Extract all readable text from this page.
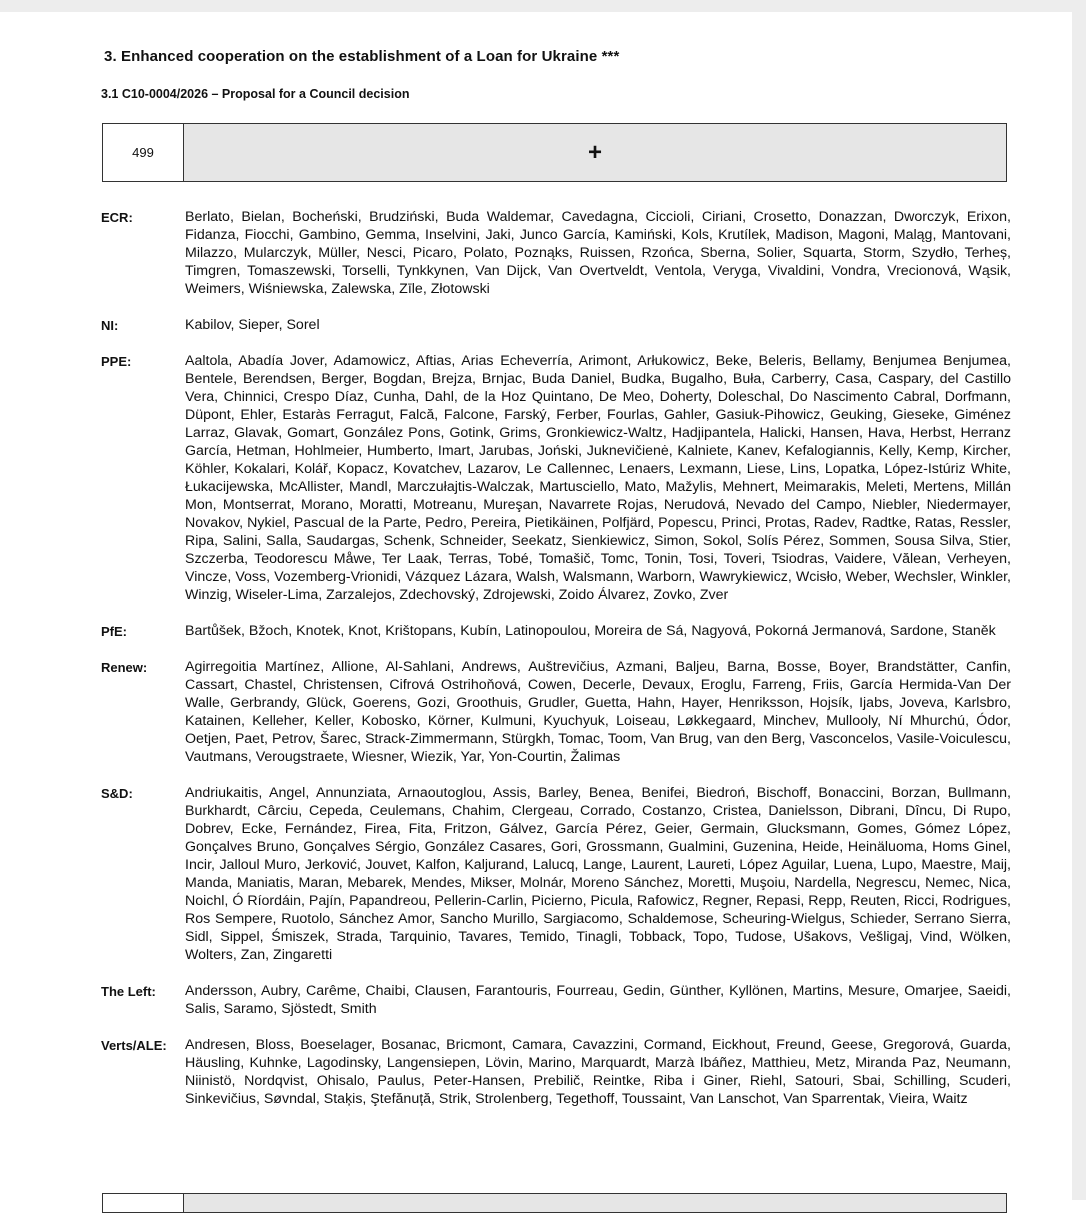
3. Enhanced cooperation on the establishment of a Loan for Ukraine ***
3.1 C10-0004/2026 – Proposal for a Council decision
499	+
ECR:	Berlato, Bielan, Bocheński, Brudziński, Buda Waldemar, Cavedagna, Ciccioli, Ciriani, Crosetto, Donazzan, Dworczyk, Erixon, Fidanza, Fiocchi, Gambino, Gemma, Inselvini, Jaki, Junco García, Kamiński, Kols, Krutílek, Madison, Magoni, Maląg, Mantovani, Milazzo, Mularczyk, Müller, Nesci, Picaro, Polato, Poznąks, Ruissen, Rzońca, Sberna, Solier, Squarta, Storm, Szydło, Terheș, Timgren, Tomaszewski, Torselli, Tynkkynen, Van Dijck, Van Overtveldt, Ventola, Veryga, Vivaldini, Vondra, Vrecionová, Wąsik, Weimers, Wiśniewska, Zalewska, Zīle, Złotowski
NI:	Kabilov, Sieper, Sorel
PPE:	Aaltola, Abadía Jover, Adamowicz, Aftias, Arias Echeverría, Arimont, Arłukowicz, Beke, Beleris, Bellamy, Benjumea Benjumea, Bentele, Berendsen, Berger, Bogdan, Brejza, Brnjac, Buda Daniel, Budka, Bugalho, Buła, Carberry, Casa, Caspary, del Castillo Vera, Chinnici, Crespo Díaz, Cunha, Dahl, de la Hoz Quintano, De Meo, Doherty, Doleschal, Do Nascimento Cabral, Dorfmann, Düpont, Ehler, Estaràs Ferragut, Falcă, Falcone, Farský, Ferber, Fourlas, Gahler, Gasiuk-Pihowicz, Geuking, Gieseke, Giménez Larraz, Glavak, Gomart, González Pons, Gotink, Grims, Gronkiewicz-Waltz, Hadjipantela, Halicki, Hansen, Hava, Herbst, Herranz García, Hetman, Hohlmeier, Humberto, Imart, Jarubas, Joński, Juknevičienė, Kalniete, Kanev, Kefalogiannis, Kelly, Kemp, Kircher, Köhler, Kokalari, Kolář, Kopacz, Kovatchev, Lazarov, Le Callennec, Lenaers, Lexmann, Liese, Lins, Lopatka, López-Istúriz White, Łukacijewska, McAllister, Mandl, Marczułajtis-Walczak, Martusciello, Mato, Mažylis, Mehnert, Meimarakis, Meleti, Mertens, Millán Mon, Montserrat, Morano, Moratti, Motreanu, Mureşan, Navarrete Rojas, Nerudová, Nevado del Campo, Niebler, Niedermayer, Novakov, Nykiel, Pascual de la Parte, Pedro, Pereira, Pietikäinen, Polfjärd, Popescu, Princi, Protas, Radev, Radtke, Ratas, Ressler, Ripa, Salini, Salla, Saudargas, Schenk, Schneider, Seekatz, Sienkiewicz, Simon, Sokol, Solís Pérez, Sommen, Sousa Silva, Stier, Szczerba, Teodorescu Måwe, Ter Laak, Terras, Tobé, Tomašič, Tomc, Tonin, Tosi, Toveri, Tsiodras, Vaidere, Vălean, Verheyen, Vincze, Voss, Vozemberg-Vrionidi, Vázquez Lázara, Walsh, Walsmann, Warborn, Wawrykiewicz, Wcisło, Weber, Wechsler, Winkler, Winzig, Wiseler-Lima, Zarzalejos, Zdechovský, Zdrojewski, Zoido Álvarez, Zovko, Zver
PfE:	Bartůšek, Bžoch, Knotek, Knot, Krištopans, Kubín, Latinopoulou, Moreira de Sá, Nagyová, Pokorná Jermanová, Sardone, Staněk
Renew:	Agirregoitia Martínez, Allione, Al-Sahlani, Andrews, Auštrevičius, Azmani, Baljeu, Barna, Bosse, Boyer, Brandstätter, Canfin, Cassart, Chastel, Christensen, Cifrová Ostrihoňová, Cowen, Decerle, Devaux, Eroglu, Farreng, Friis, García Hermida-Van Der Walle, Gerbrandy, Glück, Goerens, Gozi, Groothuis, Grudler, Guetta, Hahn, Hayer, Henriksson, Hojsík, Ijabs, Joveva, Karlsbro, Katainen, Kelleher, Keller, Kobosko, Körner, Kulmuni, Kyuchyuk, Loiseau, Løkkegaard, Minchev, Mullooly, Ní Mhurchú, Ódor, Oetjen, Paet, Petrov, Šarec, Strack-Zimmermann, Stürgkh, Tomac, Toom, Van Brug, van den Berg, Vasconcelos, Vasile-Voiculescu, Vautmans, Verougstraete, Wiesner, Wiezik, Yar, Yon-Courtin, Žalimas
S&D:	Andriukaitis, Angel, Annunziata, Arnaoutoglou, Assis, Barley, Benea, Benifei, Biedroń, Bischoff, Bonaccini, Borzan, Bullmann, Burkhardt, Cârciu, Cepeda, Ceulemans, Chahim, Clergeau, Corrado, Costanzo, Cristea, Danielsson, Dibrani, Dîncu, Di Rupo, Dobrev, Ecke, Fernández, Firea, Fita, Fritzon, Gálvez, García Pérez, Geier, Germain, Glucksmann, Gomes, Gómez López, Gonçalves Bruno, Gonçalves Sérgio, González Casares, Gori, Grossmann, Gualmini, Guzenina, Heide, Heinäluoma, Homs Ginel, Incir, Jalloul Muro, Jerković, Jouvet, Kalfon, Kaljurand, Lalucq, Lange, Laurent, Laureti, López Aguilar, Luena, Lupo, Maestre, Maij, Manda, Maniatis, Maran, Mebarek, Mendes, Mikser, Molnár, Moreno Sánchez, Moretti, Muşoiu, Nardella, Negrescu, Nemec, Nica, Noichl, Ó Ríordáin, Pajín, Papandreou, Pellerin-Carlin, Picierno, Picula, Rafowicz, Regner, Repasi, Repp, Reuten, Ricci, Rodrigues, Ros Sempere, Ruotolo, Sánchez Amor, Sancho Murillo, Sargiacomo, Schaldemose, Scheuring-Wielgus, Schieder, Serrano Sierra, Sidl, Sippel, Śmiszek, Strada, Tarquinio, Tavares, Temido, Tinagli, Tobback, Topo, Tudose, Ušakovs, Vešligaj, Vind, Wölken, Wolters, Zan, Zingaretti
The Left:	Andersson, Aubry, Carême, Chaibi, Clausen, Farantouris, Fourreau, Gedin, Günther, Kyllönen, Martins, Mesure, Omarjee, Saeidi, Salis, Saramo, Sjöstedt, Smith
Verts/ALE:	Andresen, Bloss, Boeselager, Bosanac, Bricmont, Camara, Cavazzini, Cormand, Eickhout, Freund, Geese, Gregorová, Guarda, Häusling, Kuhnke, Lagodinsky, Langensiepen, Lövin, Marino, Marquardt, Marzà Ibáñez, Matthieu, Metz, Miranda Paz, Neumann, Niinistö, Nordqvist, Ohisalo, Paulus, Peter-Hansen, Prebilič, Reintke, Riba i Giner, Riehl, Satouri, Sbai, Schilling, Scuderi, Sinkevičius, Søvndal, Staķis, Ştefănuță, Strik, Strolenberg, Tegethoff, Toussaint, Van Lanschot, Van Sparrentak, Vieira, Waitz
